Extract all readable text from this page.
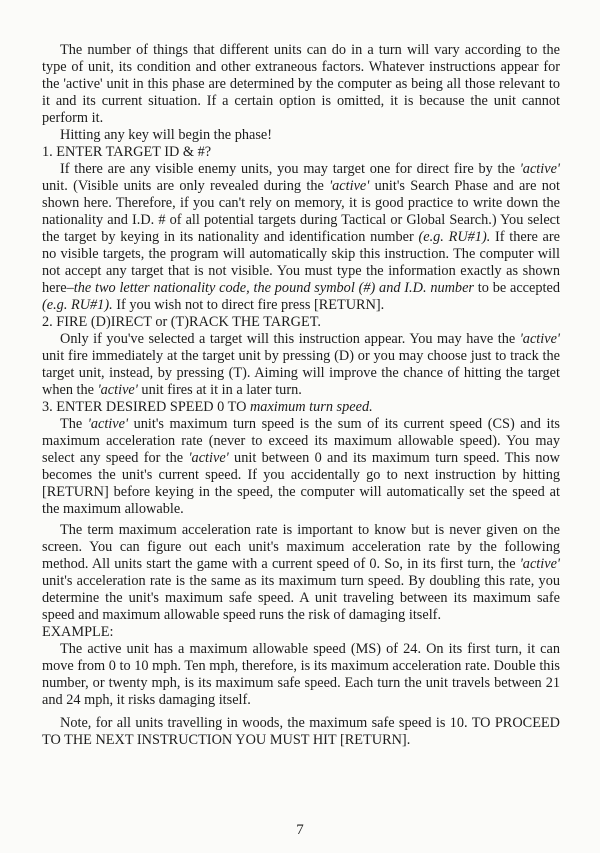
The number of things that different units can do in a turn will vary according to the type of unit, its condition and other extraneous factors. Whatever instructions appear for the 'active' unit in this phase are determined by the computer as being all those relevant to it and its current situation. If a certain option is omitted, it is because the unit cannot perform it.

Hitting any key will begin the phase!

1. ENTER TARGET ID & #?

If there are any visible enemy units, you may target one for direct fire by the 'active' unit. (Visible units are only revealed during the 'active' unit's Search Phase and are not shown here. Therefore, if you can't rely on memory, it is good practice to write down the nationality and I.D. # of all potential targets during Tactical or Global Search.) You select the target by keying in its nationality and identification number (e.g. RU#1). If there are no visible targets, the program will automatically skip this instruction. The computer will not accept any target that is not visible. You must type the information exactly as shown here–the two letter nationality code, the pound symbol (#) and I.D. number to be accepted (e.g. RU#1). If you wish not to direct fire press [RETURN].

2. FIRE (D)IRECT or (T)RACK THE TARGET.

Only if you've selected a target will this instruction appear. You may have the 'active' unit fire immediately at the target unit by pressing (D) or you may choose just to track the target unit, instead, by pressing (T). Aiming will improve the chance of hitting the target when the 'active' unit fires at it in a later turn.

3. ENTER DESIRED SPEED 0 TO maximum turn speed.

The 'active' unit's maximum turn speed is the sum of its current speed (CS) and its maximum acceleration rate (never to exceed its maximum allowable speed). You may select any speed for the 'active' unit between 0 and its maximum turn speed. This now becomes the unit's current speed. If you accidentally go to next instruction by hitting [RETURN] before keying in the speed, the computer will automatically set the speed at the maximum allowable.

The term maximum acceleration rate is important to know but is never given on the screen. You can figure out each unit's maximum acceleration rate by the following method. All units start the game with a current speed of 0. So, in its first turn, the 'active' unit's acceleration rate is the same as its maximum turn speed. By doubling this rate, you determine the unit's maximum safe speed. A unit traveling between its maximum safe speed and maximum allowable speed runs the risk of damaging itself.

EXAMPLE:

The active unit has a maximum allowable speed (MS) of 24. On its first turn, it can move from 0 to 10 mph. Ten mph, therefore, is its maximum acceleration rate. Double this number, or twenty mph, is its maximum safe speed. Each turn the unit travels between 21 and 24 mph, it risks damaging itself.

Note, for all units travelling in woods, the maximum safe speed is 10. TO PROCEED TO THE NEXT INSTRUCTION YOU MUST HIT [RETURN].

7
